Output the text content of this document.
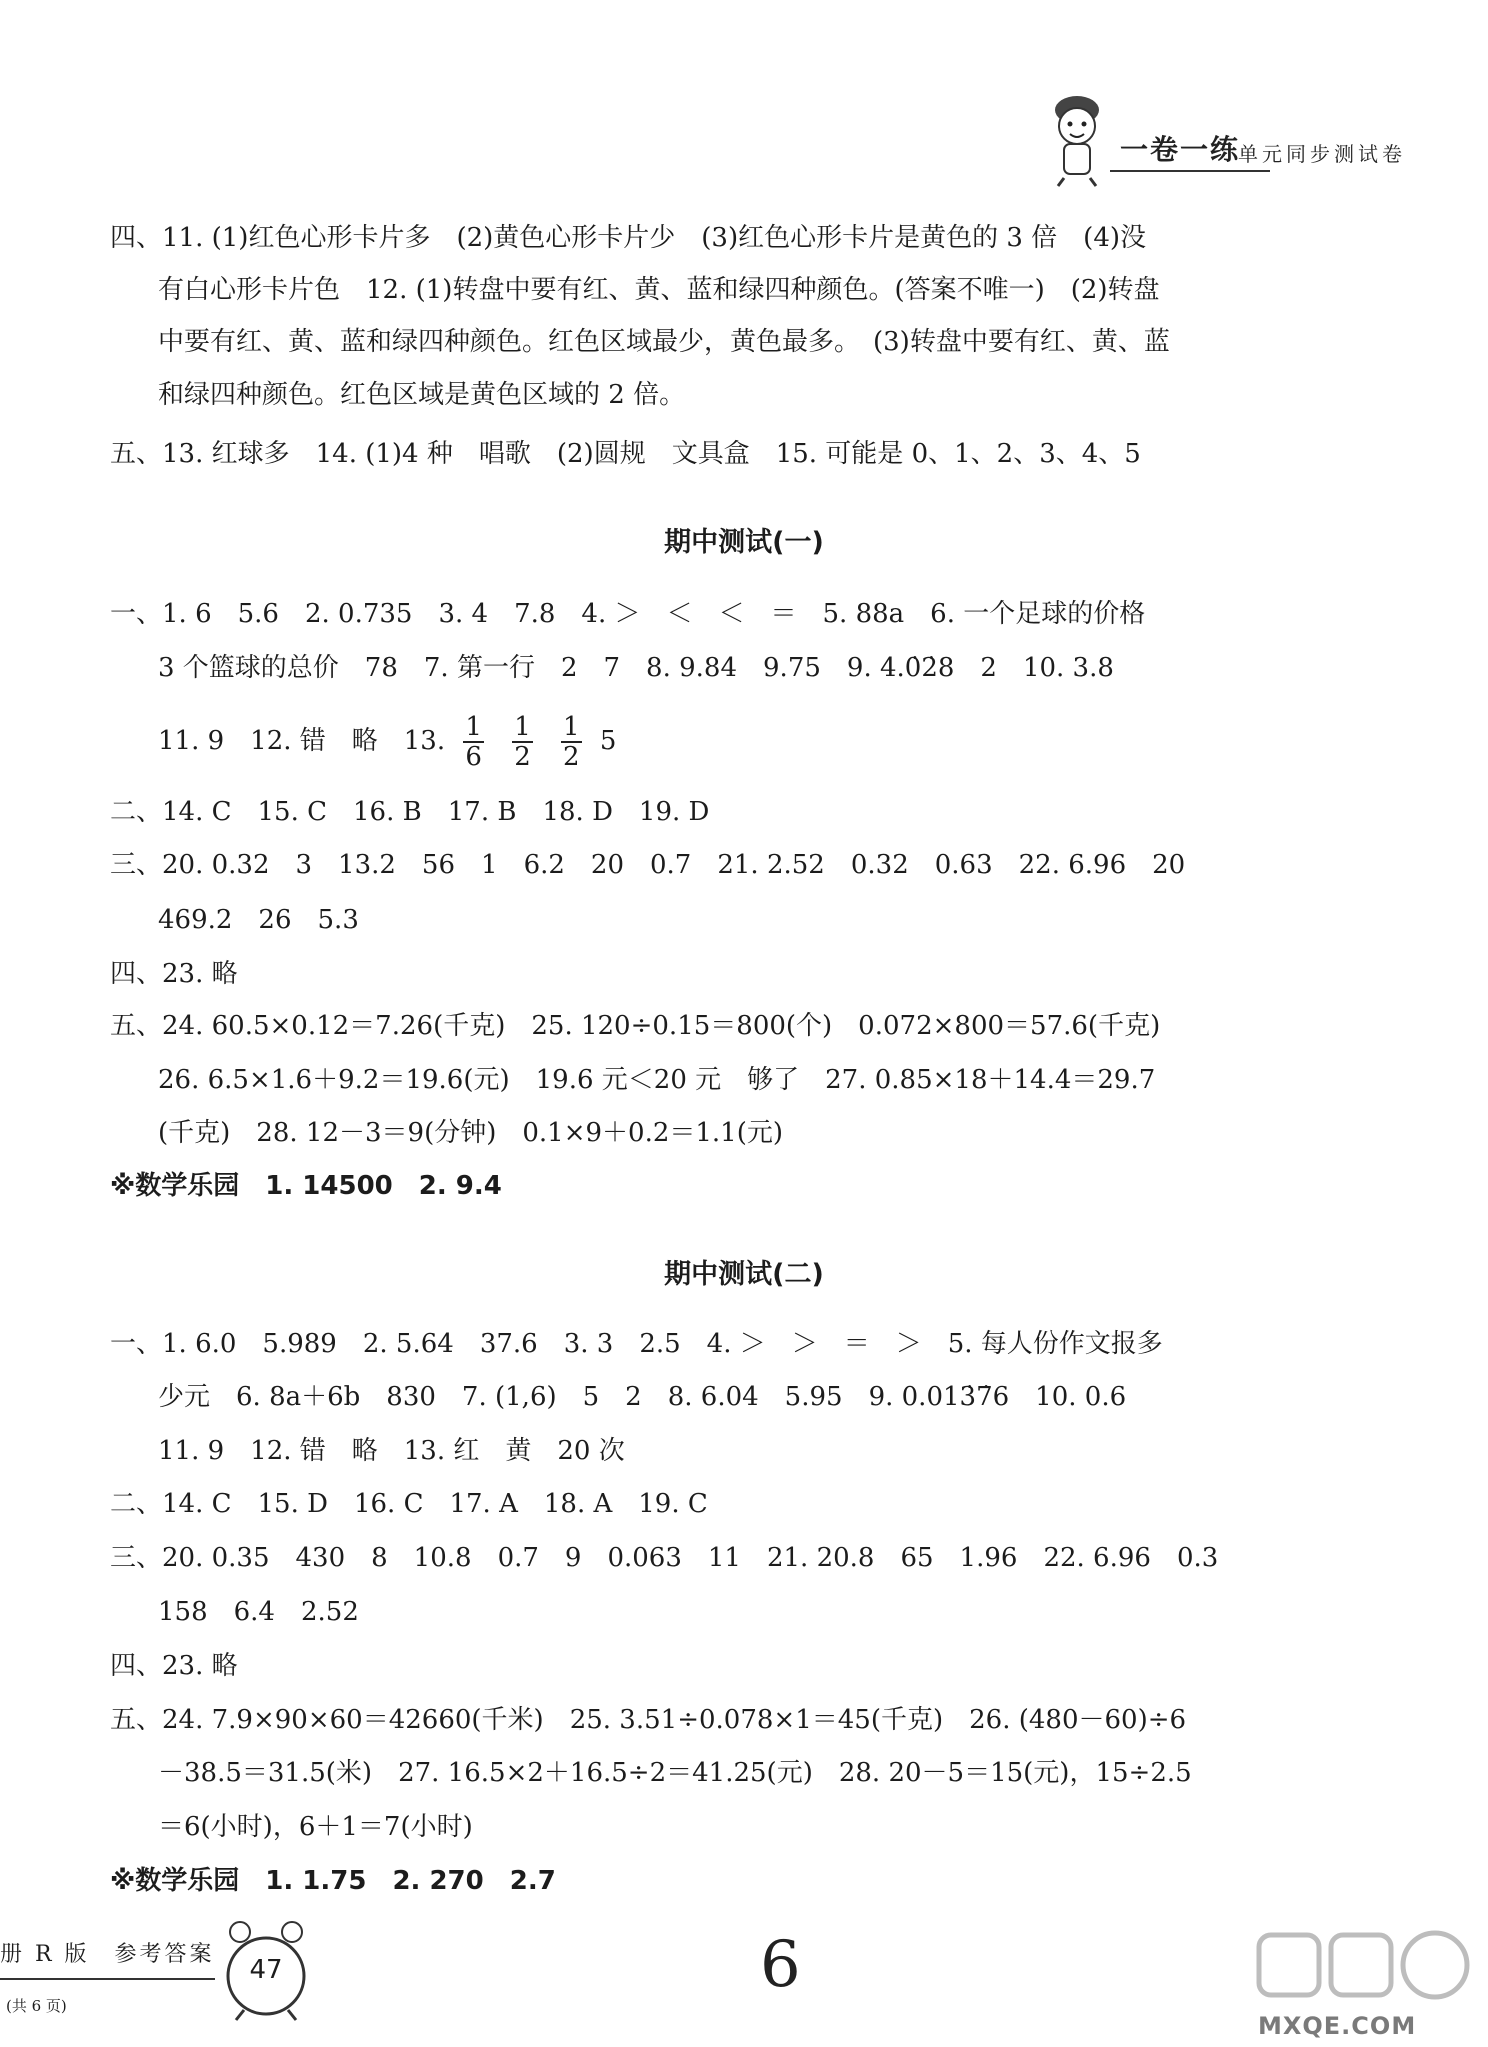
一卷一练
单元同步测试卷
四、11. (1)红色心形卡片多　(2)黄色心形卡片少　(3)红色心形卡片是黄色的 3 倍　(4)没
有白心形卡片色　12. (1)转盘中要有红、黄、蓝和绿四种颜色。(答案不唯一)　(2)转盘
中要有红、黄、蓝和绿四种颜色。红色区域最少，黄色最多。　(3)转盘中要有红、黄、蓝
和绿四种颜色。红色区域是黄色区域的 2 倍。
五、13. 红球多　14. (1)4 种　唱歌　(2)圆规　文具盒　15. 可能是 0、1、2、3、4、5
期中测试(一)
一、1. 6　5.6　2. 0.735　3. 4　7.8　4. ＞　＜　＜　＝　5. 88a　6. 一个足球的价格
3 个篮球的总价　78　7. 第一行　2　7　8. 9.84　9.75　9. 4.0̇2̇8　2　10. 3.8
11. 9　12. 错　略　13. $\frac{1}{6}$
$\frac{1}{2}$
$\frac{1}{2} 5$
二、14. C　15. C　16. B　17. B　18. D　19. D
三、20. 0.32　3　13.2　56　1　6.2　20　0.7　21. 2.52　0.32　0.63　22. 6.96　20
469.2　26　5.3
四、23. 略
五、24. 60.5×0.12＝7.26(千克)　25. 120÷0.15＝800(个)　0.072×800＝57.6(千克)
26. 6.5×1.6＋9.2＝19.6(元)　19.6 元＜20 元　够了　27. 0.85×18＋14.4＝29.7
(千克)　28. 12－3＝9(分钟)　0.1×9＋0.2＝1.1(元)
※数学乐园　1. 14500　2. 9.4
期中测试(二)
一、1. 6.0　5.989　2. 5.64　37.6　3. 3　2.5　4. ＞　＞　＝　＞　5. 每人份作文报多
少元　6. 8a＋6b　830　7. (1,6)　5　2　8. 6.04　5.95　9. 0.013̇7̇6　10. 0.6
11. 9　12. 错　略　13. 红　黄　20 次
二、14. C　15. D　16. C　17. A　18. A　19. C
三、20. 0.35　430　8　10.8　0.7　9　0.063　11　21. 20.8　65　1.96　22. 6.96　0.3
158　6.4　2.52
四、23. 略
五、24. 7.9×90×60＝42660(千米)　25. 3.51÷0.078×1＝45(千克)　26. (480－60)÷6
－38.5＝31.5(米)　27. 16.5×2＋16.5÷2＝41.25(元)　28. 20－5＝15(元)，15÷2.5
＝6(小时)，6＋1＝7(小时)
※数学乐园　1. 1.75　2. 270　2.7
册 R 版　参考答案
(共 6 页)
47	6
MXQE.COM
